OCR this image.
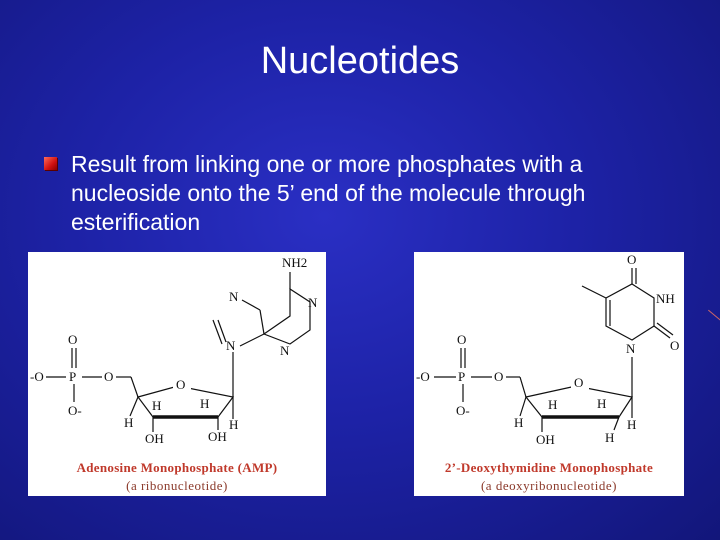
Nucleotides
Result from linking one or more phosphates with a nucleoside onto the 5’ end of the molecule through esterification
O
P
-O	O
O-
O
H
H	H
H
OH	OH
N
N
NH2
N
N
Adenosine Monophosphate (AMP)
(a ribonucleotide)
O
P
-O	O
O-
O
H
H	H
H
OH	H
N
O
NH
O
2’-Deoxythymidine Monophosphate
(a deoxyribonucleotide)
